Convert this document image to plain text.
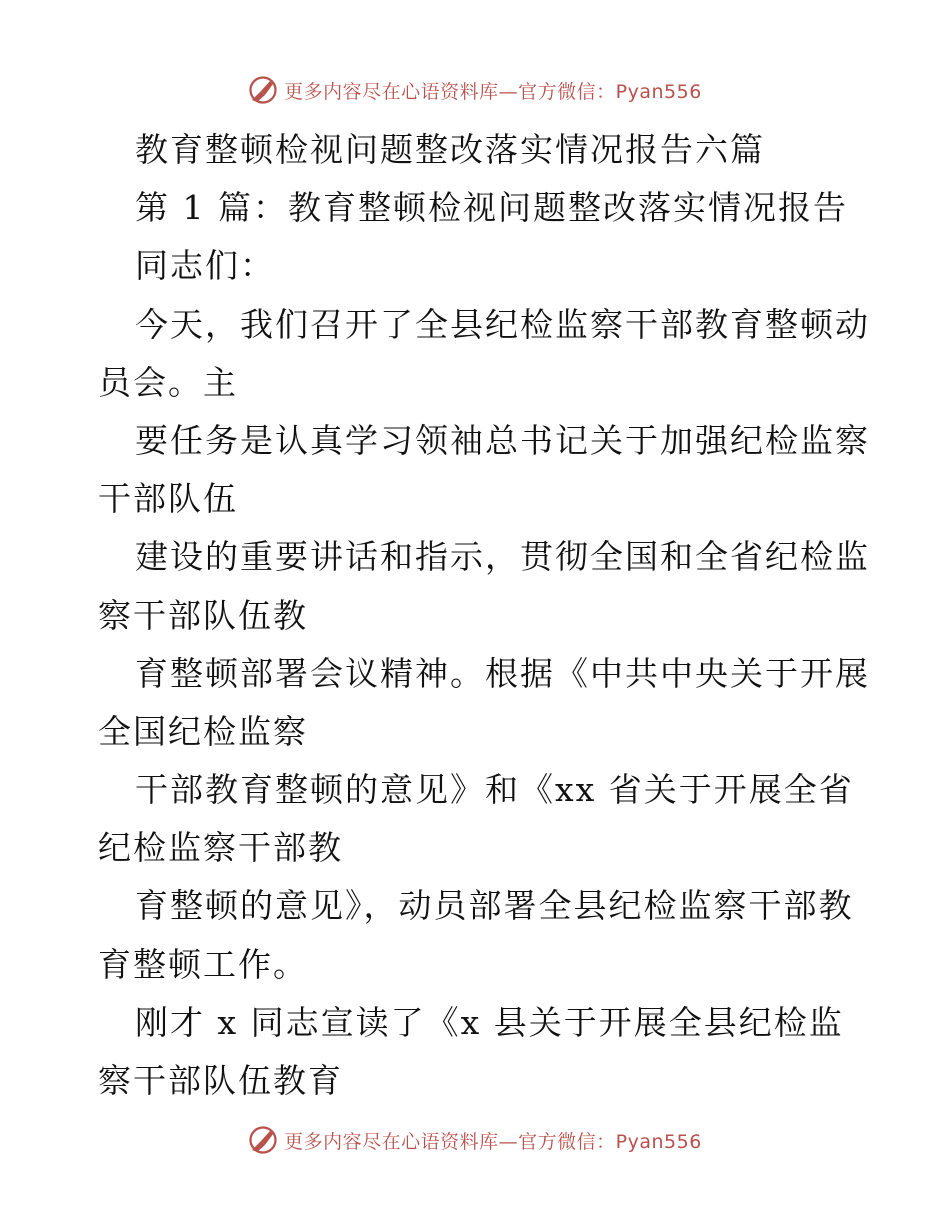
更多内容尽在心语资料库—官方微信：Pyan556
教育整顿检视问题整改落实情况报告六篇
第 1 篇：教育整顿检视问题整改落实情况报告
同志们：
今天，我们召开了全县纪检监察干部教育整顿动
员会。主
要任务是认真学习领袖总书记关于加强纪检监察
干部队伍
建设的重要讲话和指示，贯彻全国和全省纪检监
察干部队伍教
育整顿部署会议精神。根据《中共中央关于开展
全国纪检监察
干部教育整顿的意见》和《xx 省关于开展全省
纪检监察干部教
育整顿的意见》，动员部署全县纪检监察干部教
育整顿工作。
刚才 x 同志宣读了《x 县关于开展全县纪检监
察干部队伍教育
更多内容尽在心语资料库—官方微信：Pyan556
